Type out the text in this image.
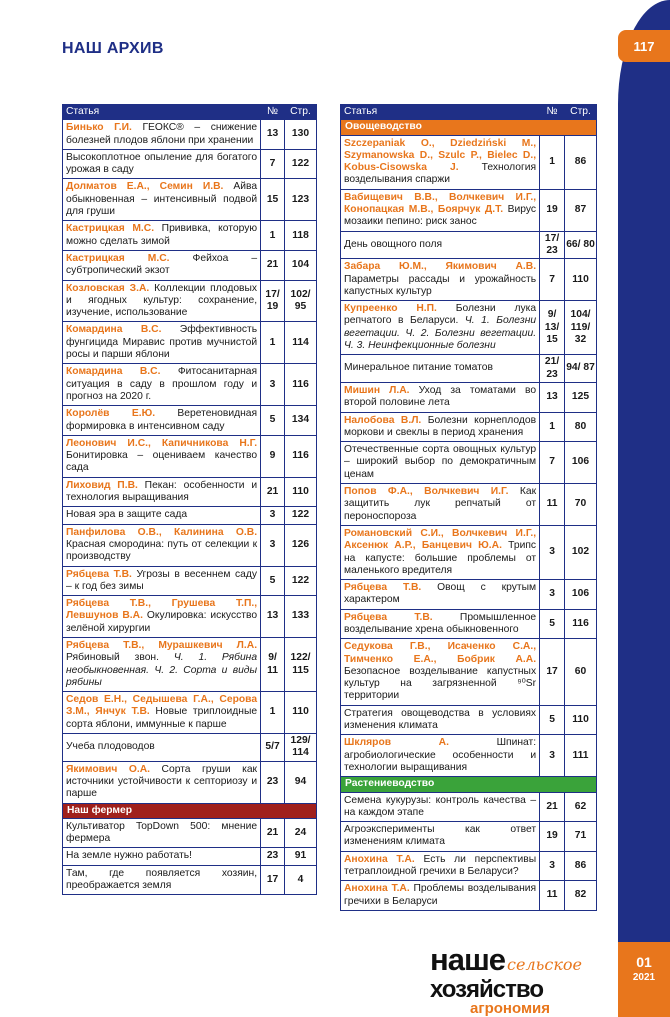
117
НАШ АРХИВ
Статья	№	Стр.
Бинько Г.И. ГЕОКС® – снижение болезней плодов яблони при хранении	13	130
Высокоплотное опыление для богатого урожая в саду	7	122
Долматов Е.А., Семин И.В. Айва обыкновенная – интенсивный подвой для груши	15	123
Кастрицкая М.С. Прививка, которую можно сделать зимой	1	118
Кастрицкая М.С. Фейхоа – субтропический экзот	21	104
Козловская З.А. Коллекции плодовых и ягодных культур: сохранение, изучение, использование	17/ 19	102/ 95
Комардина В.С. Эффективность фунгицида Миравис против мучнистой росы и парши яблони	1	114
Комардина В.С. Фитосанитарная ситуация в саду в прошлом году и прогноз на 2020 г.	3	116
Королёв Е.Ю. Веретеновидная формировка в интенсивном саду	5	134
Леонович И.С., Капичникова Н.Г. Бонитировка – оцениваем качество сада	9	116
Лиховид П.В. Пекан: особенности и технология выращивания	21	110
Новая эра в защите сада	3	122
Панфилова О.В., Калинина О.В. Красная смородина: путь от селекции к производству	3	126
Рябцева Т.В. Угрозы в весеннем саду – к год без зимы	5	122
Рябцева Т.В., Грушева Т.П., Левшунов В.А. Окулировка: искусство зелёной хирургии	13	133
Рябцева Т.В., Мурашкевич Л.А. Рябиновый звон. Ч. 1. Рябина необыкновенная. Ч. 2. Сорта и виды рябины	9/ 11	122/ 115
Седов Е.Н., Седышева Г.А., Серова З.М., Янчук Т.В. Новые триплоидные сорта яблони, иммунные к парше	1	110
Учеба плодоводов	5/7	129/ 114
Якимович О.А. Сорта груши как источники устойчивости к септориозу и парше	23	94
Наш фермер		
Культиватор TopDown 500: мнение фермера	21	24
На земле нужно работать!	23	91
Там, где появляется хозяин, преображается земля	17	4
Статья	№	Стр.
Овощеводство		
Szczepaniak O., Dziedziński M., Szymanowska D., Szulc P., Bielec D., Kobus-Cisowska J. Технология возделывания спаржи	1	86
Вабищевич В.В., Волчкевич И.Г., Конопацкая М.В., Боярчук Д.Т. Вирус мозаики пепино: риск занос	19	87
День овощного поля	17/ 23	66/ 80
Забара Ю.М., Якимович А.В. Параметры рассады и урожайность капустных культур	7	110
Купреенко Н.П. Болезни лука репчатого в Беларуси. Ч. 1. Болезни вегетации. Ч. 2. Болезни вегетации. Ч. 3. Неинфекционные болезни	9/ 13/ 15	104/ 119/ 32
Минеральное питание томатов	21/ 23	94/ 87
Мишин Л.А. Уход за томатами во второй половине лета	13	125
Налобова В.Л. Болезни корнеплодов моркови и свеклы в период хранения	1	80
Отечественные сорта овощных культур – широкий выбор по демократичным ценам	7	106
Попов Ф.А., Волчкевич И.Г. Как защитить лук репчатый от пероноспороза	11	70
Романовский С.И., Волчкевич И.Г., Аксенюк А.Р., Банцевич Ю.А. Трипс на капусте: большие проблемы от маленького вредителя	3	102
Рябцева Т.В. Овощ с крутым характером	3	106
Рябцева Т.В. Промышленное возделывание хрена обыкновенного	5	116
Седукова Г.В., Исаченко С.А., Тимченко Е.А., Бобрик А.А. Безопасное возделывание капустных культур на загрязненной ⁹⁰Sr территории	17	60
Стратегия овощеводства в условиях изменения климата	5	110
Шкляров А. Шпинат: агробиологические особенности и технологии выращивания	3	111
Растениеводство		
Семена кукурузы: контроль качества – на каждом этапе	21	62
Агроэксперименты как ответ изменениям климата	19	71
Анохина Т.А. Есть ли перспективы тетраплоидной гречихи в Беларуси?	3	86
Анохина Т.А. Проблемы возделывания гречихи в Беларуси	11	82
наше сельское
хозяйство
агрономия
01
2021
